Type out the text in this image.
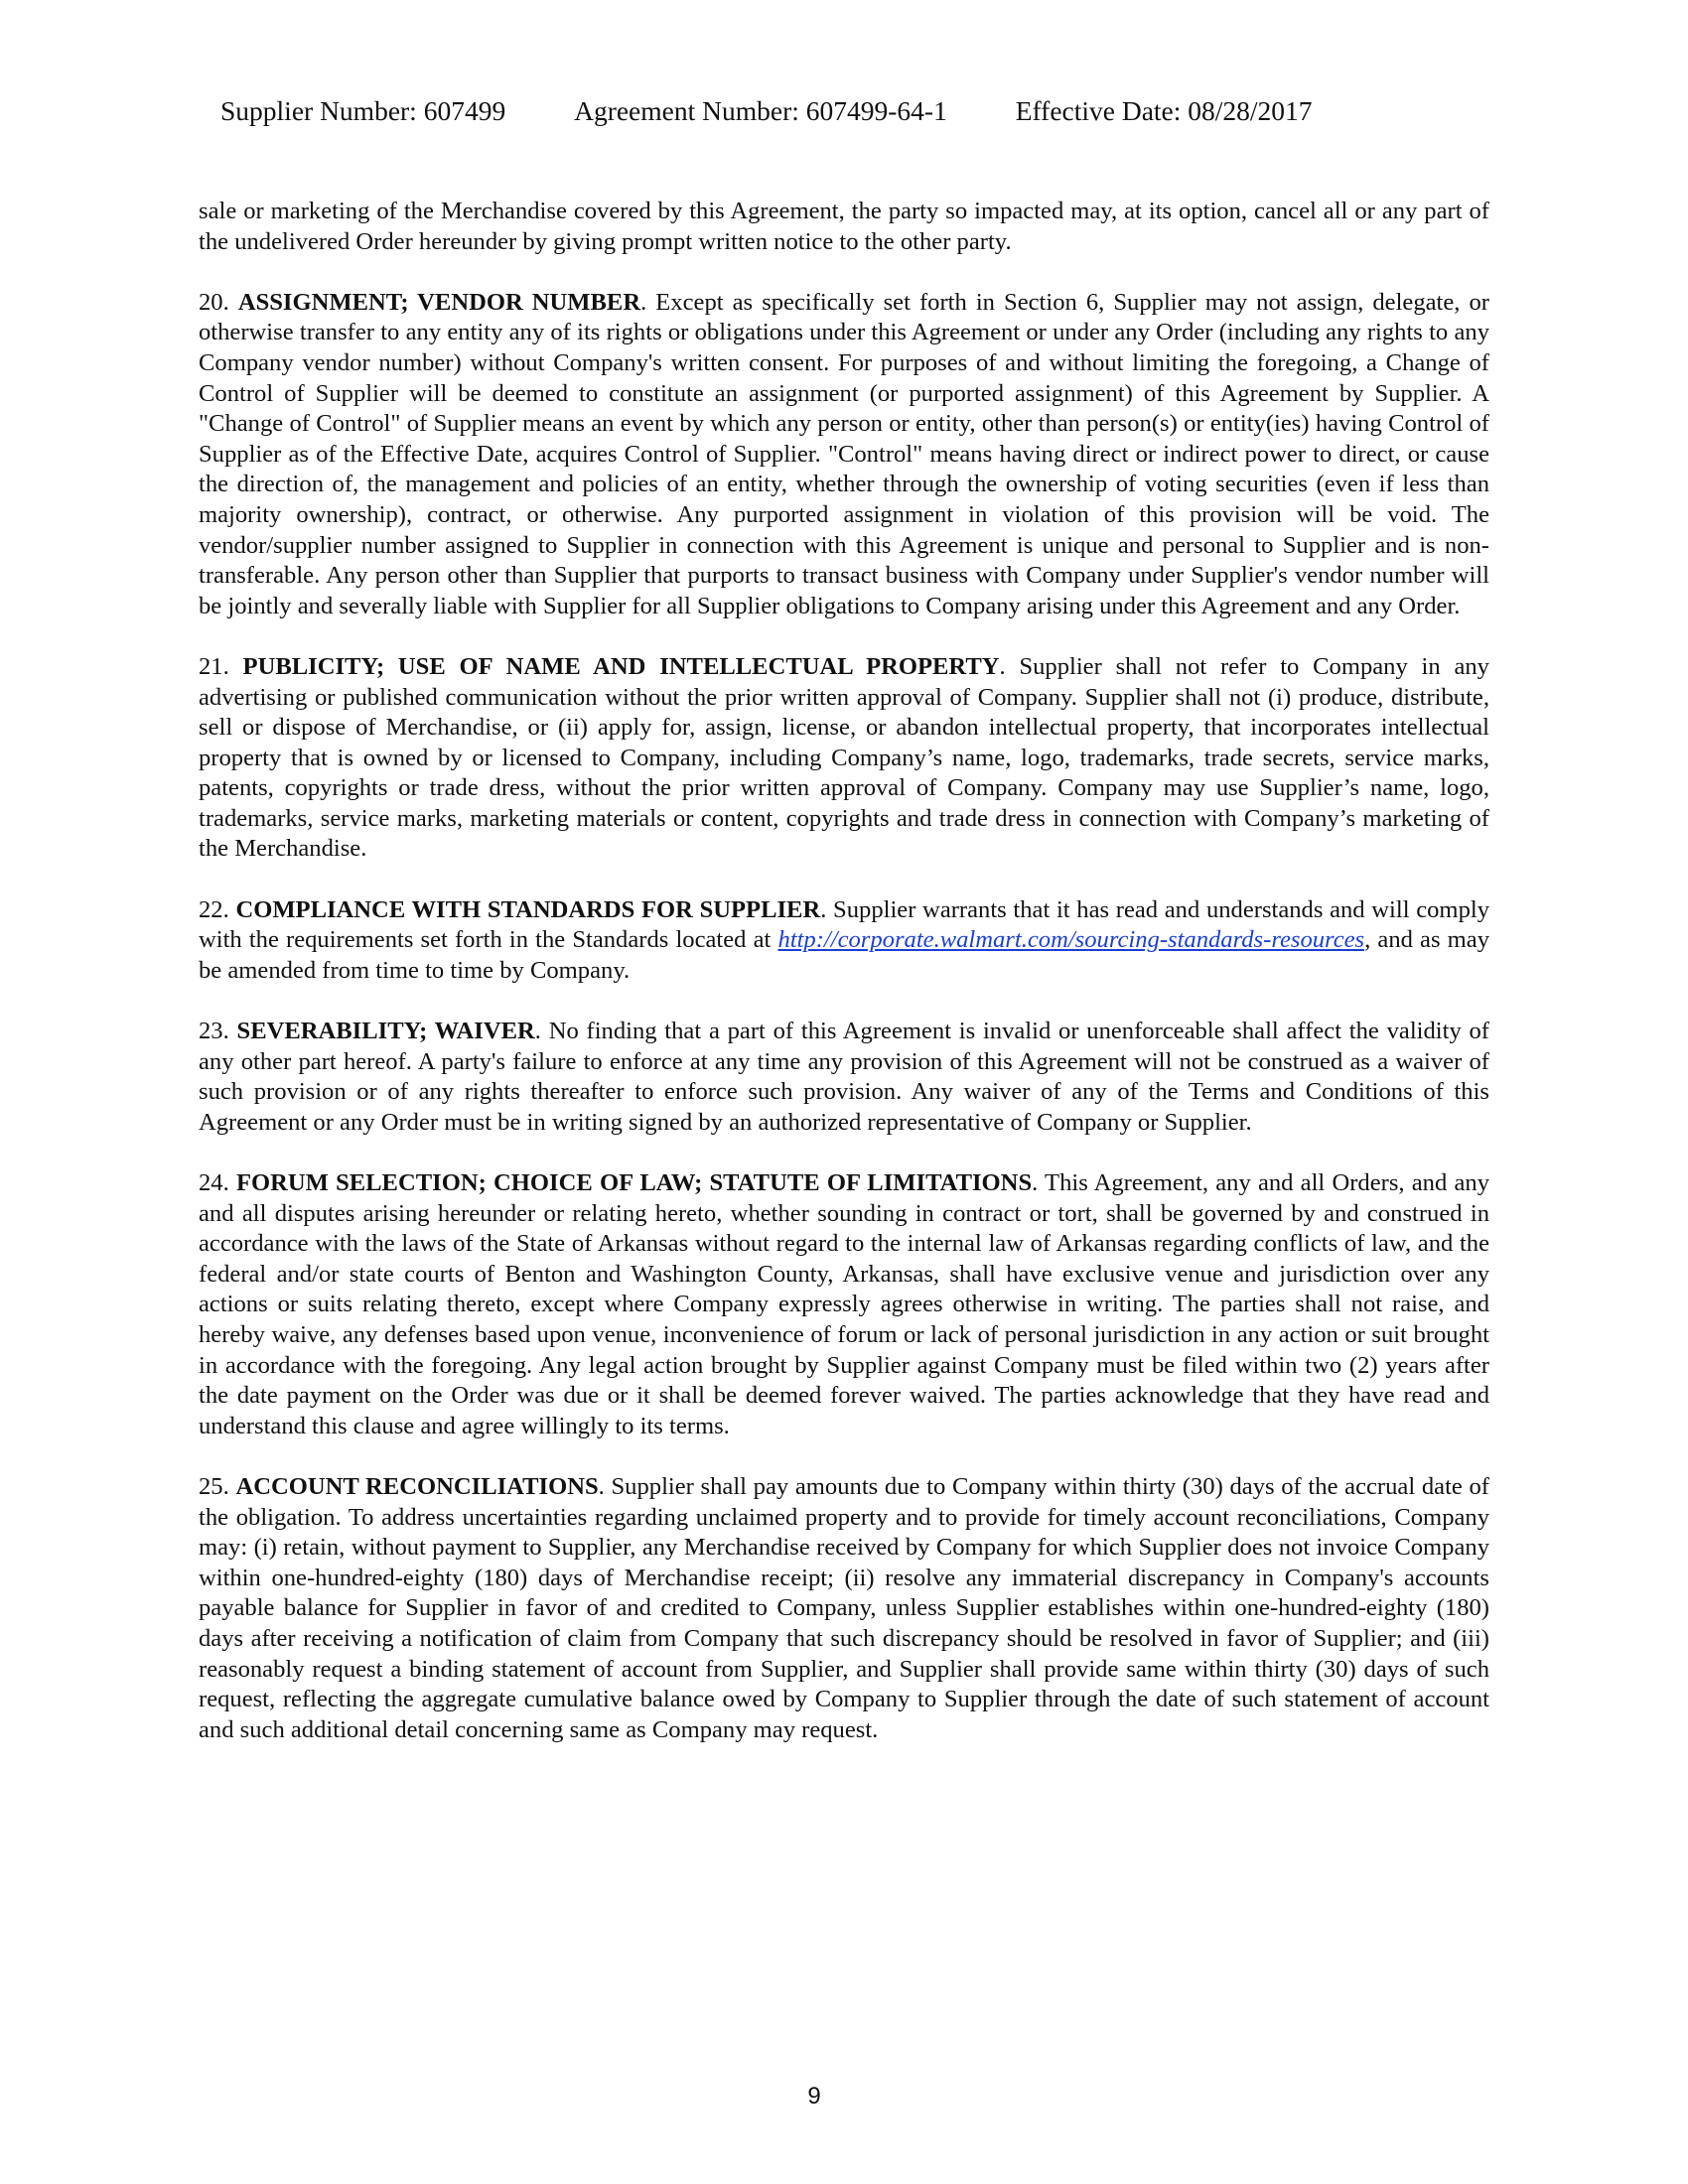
Supplier Number: 607499	Agreement Number: 607499-64-1	Effective Date: 08/28/2017

sale or marketing of the Merchandise covered by this Agreement, the party so impacted may, at its option, cancel all or any part of the undelivered Order hereunder by giving prompt written notice to the other party.

20. ASSIGNMENT; VENDOR NUMBER. Except as specifically set forth in Section 6, Supplier may not assign, delegate, or otherwise transfer to any entity any of its rights or obligations under this Agreement or under any Order (including any rights to any Company vendor number) without Company's written consent. For purposes of and without limiting the foregoing, a Change of Control of Supplier will be deemed to constitute an assignment (or purported assignment) of this Agreement by Supplier. A "Change of Control" of Supplier means an event by which any person or entity, other than person(s) or entity(ies) having Control of Supplier as of the Effective Date, acquires Control of Supplier. "Control" means having direct or indirect power to direct, or cause the direction of, the management and policies of an entity, whether through the ownership of voting securities (even if less than majority ownership), contract, or otherwise. Any purported assignment in violation of this provision will be void. The vendor/supplier number assigned to Supplier in connection with this Agreement is unique and personal to Supplier and is non-transferable. Any person other than Supplier that purports to transact business with Company under Supplier's vendor number will be jointly and severally liable with Supplier for all Supplier obligations to Company arising under this Agreement and any Order.

21. PUBLICITY; USE OF NAME AND INTELLECTUAL PROPERTY. Supplier shall not refer to Company in any advertising or published communication without the prior written approval of Company. Supplier shall not (i) produce, distribute, sell or dispose of Merchandise, or (ii) apply for, assign, license, or abandon intellectual property, that incorporates intellectual property that is owned by or licensed to Company, including Company’s name, logo, trademarks, trade secrets, service marks, patents, copyrights or trade dress, without the prior written approval of Company. Company may use Supplier’s name, logo, trademarks, service marks, marketing materials or content, copyrights and trade dress in connection with Company’s marketing of the Merchandise.

22. COMPLIANCE WITH STANDARDS FOR SUPPLIER. Supplier warrants that it has read and understands and will comply with the requirements set forth in the Standards located at http://corporate.walmart.com/sourcing-standards-resources, and as may be amended from time to time by Company.

23. SEVERABILITY; WAIVER. No finding that a part of this Agreement is invalid or unenforceable shall affect the validity of any other part hereof. A party's failure to enforce at any time any provision of this Agreement will not be construed as a waiver of such provision or of any rights thereafter to enforce such provision. Any waiver of any of the Terms and Conditions of this Agreement or any Order must be in writing signed by an authorized representative of Company or Supplier.

24. FORUM SELECTION; CHOICE OF LAW; STATUTE OF LIMITATIONS. This Agreement, any and all Orders, and any and all disputes arising hereunder or relating hereto, whether sounding in contract or tort, shall be governed by and construed in accordance with the laws of the State of Arkansas without regard to the internal law of Arkansas regarding conflicts of law, and the federal and/or state courts of Benton and Washington County, Arkansas, shall have exclusive venue and jurisdiction over any actions or suits relating thereto, except where Company expressly agrees otherwise in writing. The parties shall not raise, and hereby waive, any defenses based upon venue, inconvenience of forum or lack of personal jurisdiction in any action or suit brought in accordance with the foregoing. Any legal action brought by Supplier against Company must be filed within two (2) years after the date payment on the Order was due or it shall be deemed forever waived. The parties acknowledge that they have read and understand this clause and agree willingly to its terms.

25. ACCOUNT RECONCILIATIONS. Supplier shall pay amounts due to Company within thirty (30) days of the accrual date of the obligation. To address uncertainties regarding unclaimed property and to provide for timely account reconciliations, Company may: (i) retain, without payment to Supplier, any Merchandise received by Company for which Supplier does not invoice Company within one-hundred-eighty (180) days of Merchandise receipt; (ii) resolve any immaterial discrepancy in Company's accounts payable balance for Supplier in favor of and credited to Company, unless Supplier establishes within one-hundred-eighty (180) days after receiving a notification of claim from Company that such discrepancy should be resolved in favor of Supplier; and (iii) reasonably request a binding statement of account from Supplier, and Supplier shall provide same within thirty (30) days of such request, reflecting the aggregate cumulative balance owed by Company to Supplier through the date of such statement of account and such additional detail concerning same as Company may request.

9
